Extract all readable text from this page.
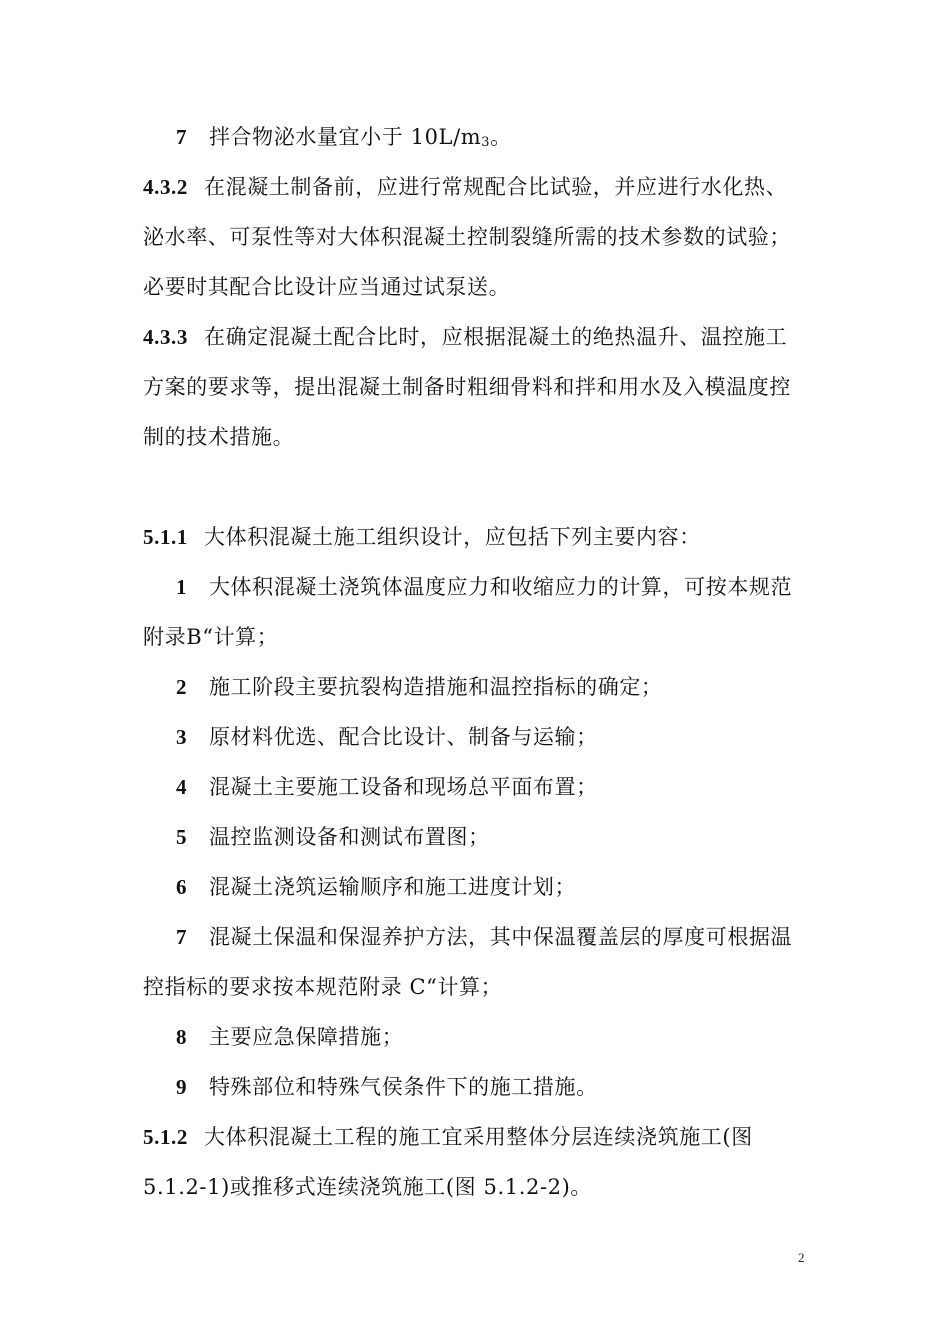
7 拌合物泌水量宜小于 10L/m3。
4.3.2 在混凝土制备前，应进行常规配合比试验，并应进行水化热、
泌水率、可泵性等对大体积混凝土控制裂缝所需的技术参数的试验；
必要时其配合比设计应当通过试泵送。
4.3.3 在确定混凝土配合比时，应根据混凝土的绝热温升、温控施工
方案的要求等，提出混凝土制备时粗细骨料和拌和用水及入模温度控
制的技术措施。
5.1.1 大体积混凝土施工组织设计，应包括下列主要内容：
1 大体积混凝土浇筑体温度应力和收缩应力的计算，可按本规范
附录B“计算；
2 施工阶段主要抗裂构造措施和温控指标的确定；
3 原材料优选、配合比设计、制备与运输；
4 混凝土主要施工设备和现场总平面布置；
5 温控监测设备和测试布置图；
6 混凝土浇筑运输顺序和施工进度计划；
7 混凝土保温和保湿养护方法，其中保温覆盖层的厚度可根据温
控指标的要求按本规范附录 C“计算；
8 主要应急保障措施；
9 特殊部位和特殊气侯条件下的施工措施。
5.1.2 大体积混凝土工程的施工宜采用整体分层连续浇筑施工(图
5.1.2-1)或推移式连续浇筑施工(图 5.1.2-2)。
2
